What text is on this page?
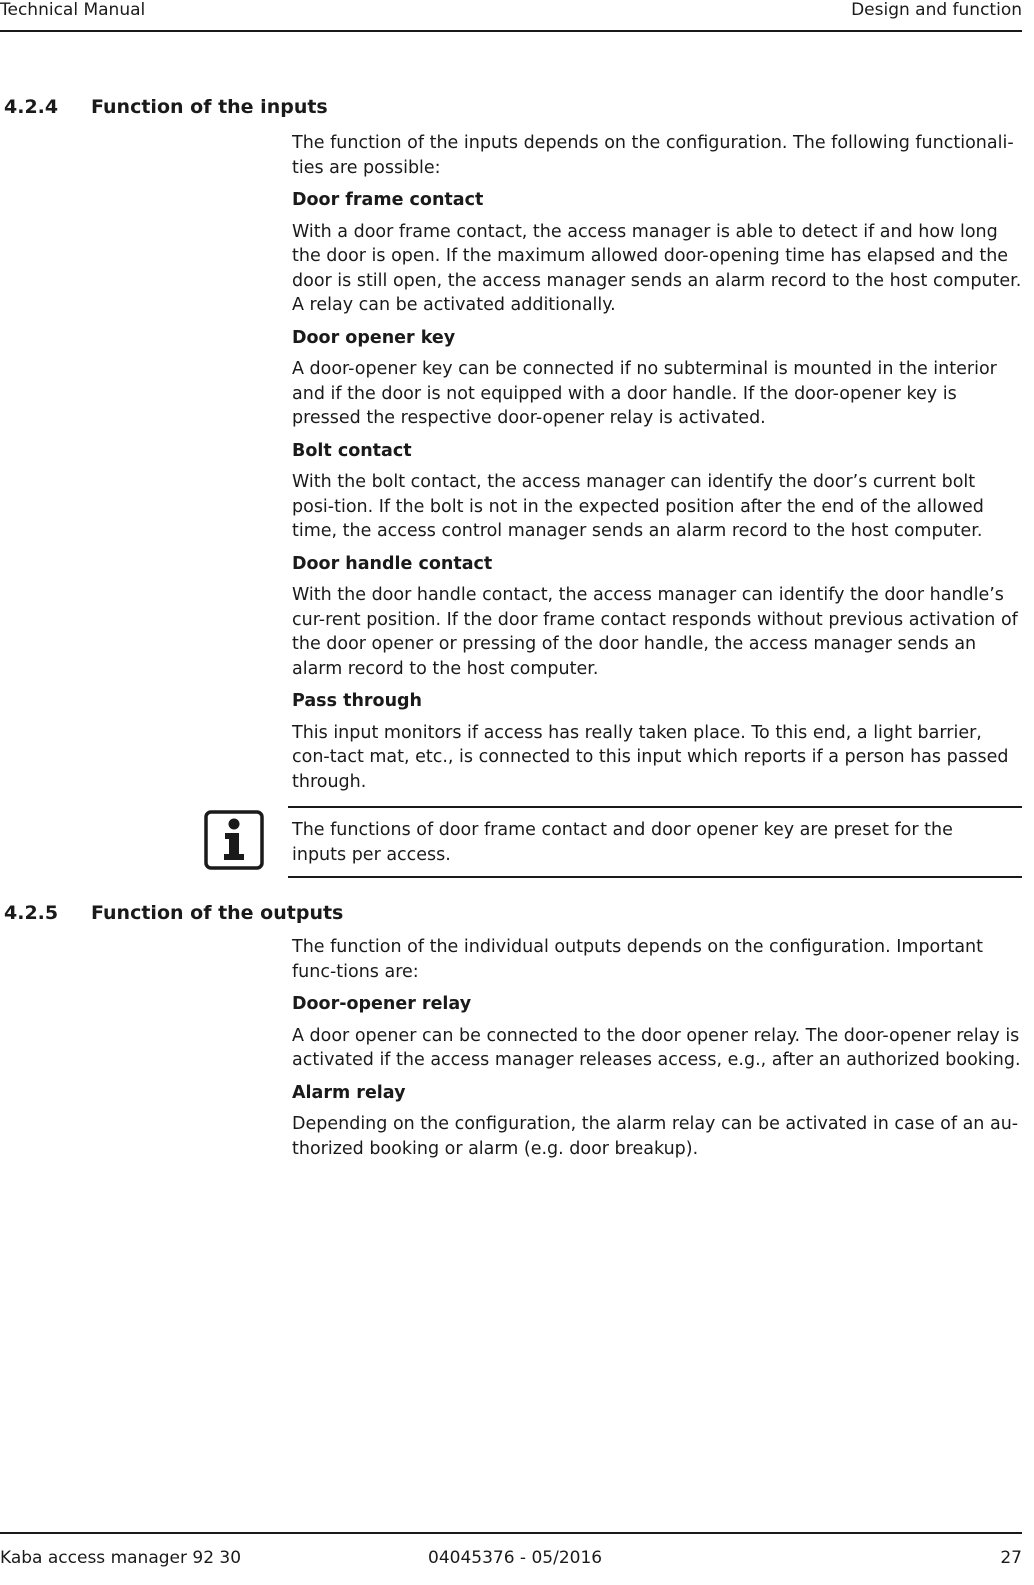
Technical Manual	Design and function
4.2.4 Function of the inputs

The function of the inputs depends on the configuration. The following functionali-ties are possible:

Door frame contact

With a door frame contact, the access manager is able to detect if and how long the door is open. If the maximum allowed door-opening time has elapsed and the door is still open, the access manager sends an alarm record to the host computer. A relay can be activated additionally.

Door opener key

A door-opener key can be connected if no subterminal is mounted in the interior and if the door is not equipped with a door handle. If the door-opener key is pressed the respective door-opener relay is activated.

Bolt contact

With the bolt contact, the access manager can identify the door’s current bolt posi-tion. If the bolt is not in the expected position after the end of the allowed time, the access control manager sends an alarm record to the host computer.

Door handle contact

With the door handle contact, the access manager can identify the door handle’s cur-rent position. If the door frame contact responds without previous activation of the door opener or pressing of the door handle, the access manager sends an alarm record to the host computer.

Pass through

This input monitors if access has really taken place. To this end, a light barrier, con-tact mat, etc., is connected to this input which reports if a person has passed through.

The functions of door frame contact and door opener key are preset for the inputs per access.
4.2.5 Function of the outputs

The function of the individual outputs depends on the configuration. Important func-tions are:

Door-opener relay

A door opener can be connected to the door opener relay. The door-opener relay is activated if the access manager releases access, e.g., after an authorized booking.

Alarm relay

Depending on the configuration, the alarm relay can be activated in case of an au-thorized booking or alarm (e.g. door breakup).

Kaba access manager 92 30	04045376 - 05/2016	27
